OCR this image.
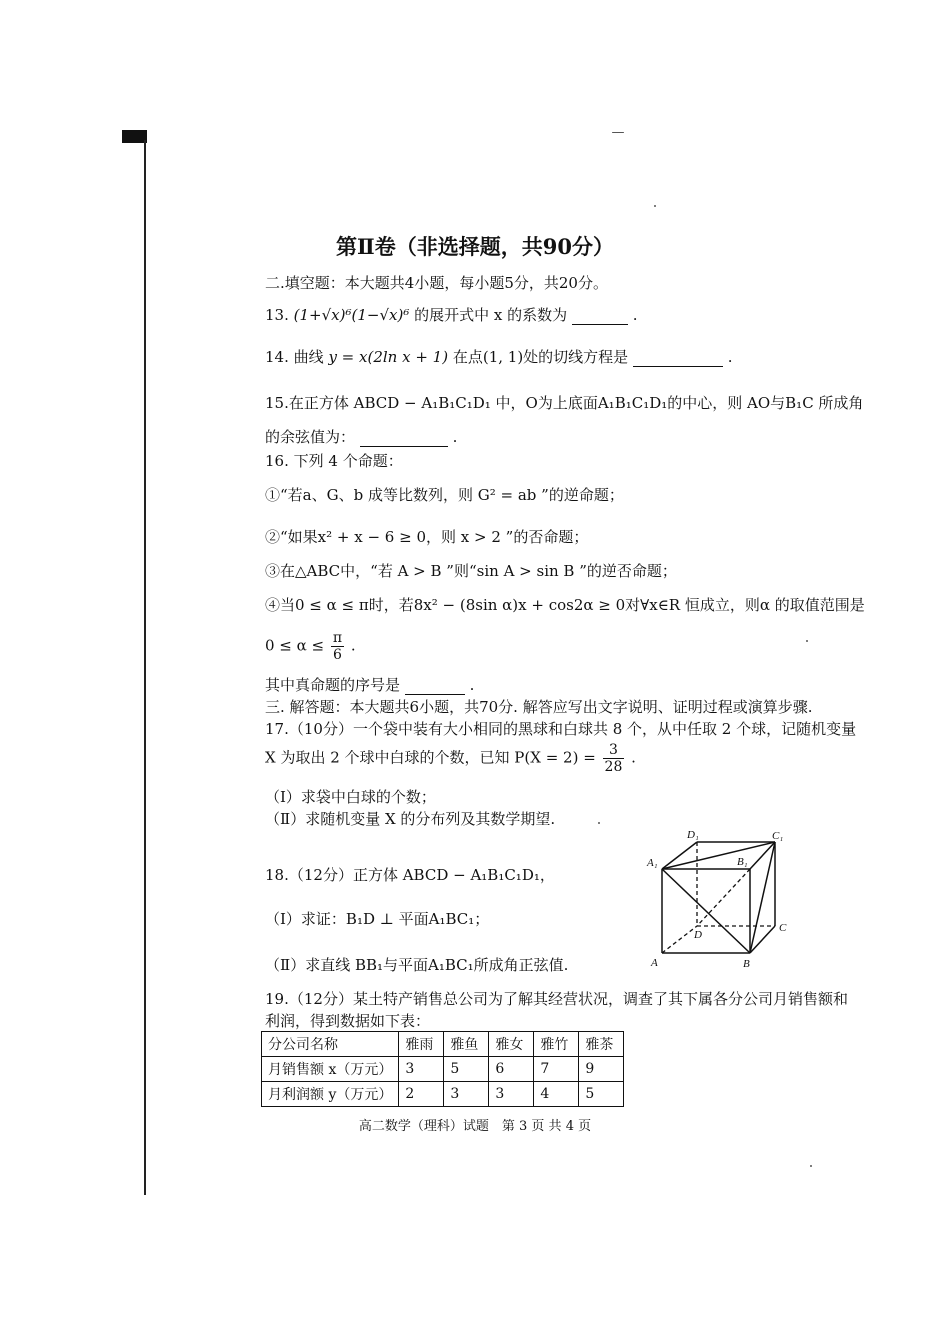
第Ⅱ卷（非选择题，共90分）
二.填空题：本大题共4小题，每小题5分，共20分。
13. (1+√x)⁶(1−√x)⁶ 的展开式中 x 的系数为	.
14. 曲线 y = x(2ln x + 1) 在点(1, 1)处的切线方程是	.
15.在正方体 ABCD − A₁B₁C₁D₁ 中，O为上底面A₁B₁C₁D₁的中心，则 AO与B₁C 所成角
的余弦值为：	.
16. 下列 4 个命题：
①“若a、G、b 成等比数列，则 G² = ab ”的逆命题；
②“如果x² + x − 6 ≥ 0，则 x > 2 ”的否命题；
③在△ABC中，“若 A > B ”则“sin A > sin B ”的逆否命题；
④当0 ≤ α ≤ π时，若8x² − (8sin α)x + cos2α ≥ 0对∀x∈R 恒成立，则α 的取值范围是
$0 \le \alpha \le \frac{\pi}{6}$ .
其中真命题的序号是	.
三. 解答题：本大题共6小题，共70分. 解答应写出文字说明、证明过程或演算步骤.
17.（10分）一个袋中装有大小相同的黑球和白球共 8 个，从中任取 2 个球，记随机变量
X 为取出 2 个球中白球的个数，已知 $P(X = 2) = \frac{3}{28}$ .
（Ⅰ）求袋中白球的个数；
（Ⅱ）求随机变量 X 的分布列及其数学期望.
18.（12分）正方体 ABCD − A₁B₁C₁D₁，
（Ⅰ）求证：B₁D ⊥ 平面A₁BC₁；
（Ⅱ）求直线 BB₁与平面A₁BC₁所成角正弦值.
D₁	C₁
A₁	B₁
D
C
A	B
19.（12分）某土特产销售总公司为了解其经营状况，调查了其下属各分公司月销售额和
利润，得到数据如下表：
分公司名称	雅雨	雅鱼	雅女	雅竹	雅茶
月销售额 x（万元）	3	5	6	7	9
月利润额 y（万元）	2	3	3	4	5
高二数学（理科）试题　第 3 页 共 4 页
